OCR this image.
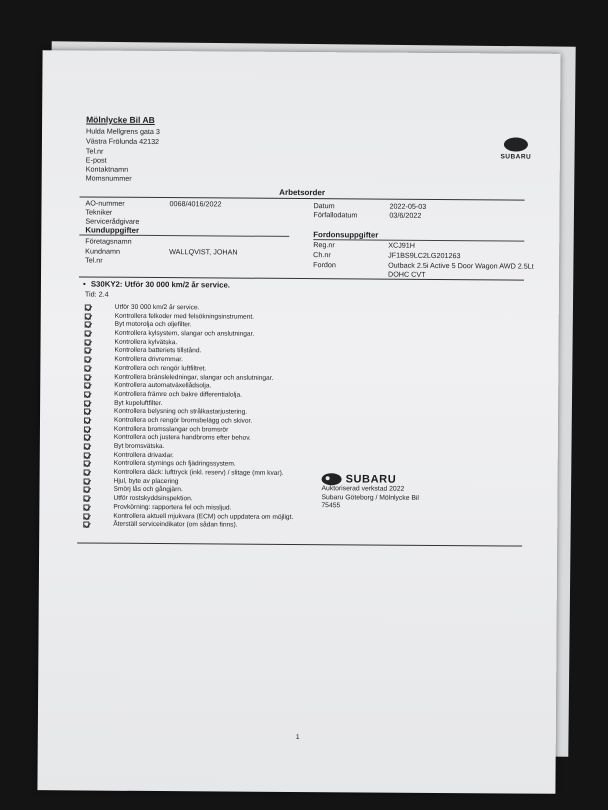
Mölnlycke Bil AB
Hulda Mellgrens gata 3
Västra Frölunda 42132
Tel.nr
E-post
Kontaktnamn
Momsnummer
SUBARU
Arbetsorder
AO-nummer	0068/4016/2022
Tekniker
Servicerådgivare
Datum	2022-05-03
Förfallodatum	03/6/2022
Kunduppgifter	Fordonsuppgifter
Företagsnamn
Kundnamn	WALLQVIST, JOHAN
Tel.nr
Reg.nr	XCJ91H
Ch.nr	JF1BS9LC2LG201263
Fordon	Outback 2.5i Active 5 Door Wagon AWD 2.5Lt
DOHC CVT
• S30KY2: Utför 30 000 km/2 år service.
Tid: 2.4
Utför 30 000 km/2 år service.
Kontrollera felkoder med felsökningsinstrument.
Byt motorolja och oljefilter.
Kontrollera kylsystem, slangar och anslutningar.
Kontrollera kylvätska.
Kontrollera batteriets tillstånd.
Kontrollera drivremmar.
Kontrollera och rengör luftfiltret.
Kontrollera bränsleledningar, slangar och anslutningar.
Kontrollera automatväxellådsolja.
Kontrollera främre och bakre differentialolja.
Byt kupeluftfilter.
Kontrollera belysning och strålkastarjustering.
Kontrollera och rengör bromsbelägg och skivor.
Kontrollera bromsslangar och bromsrör
Kontrollera och justera handbroms efter behov.
Byt bromsvätska.
Kontrollera drivaxlar.
Kontrollera styrnings och fjädringssystem.
Kontrollera däck: lufttryck (inkl. reserv) / slitage (mm kvar).
Hjul, byte av placering
Smörj lås och gångjärn.
Utför rostskyddsinspektion.
Provkörning: rapportera fel och missljud.
Kontrollera aktuell mjukvara (ECM) och uppdatera om möjligt.
Återställ serviceindikator (om sådan finns).
SUBARU
Auktoriserad verkstad 2022
Subaru Göteborg / Mölnlycke Bil
75455
1
